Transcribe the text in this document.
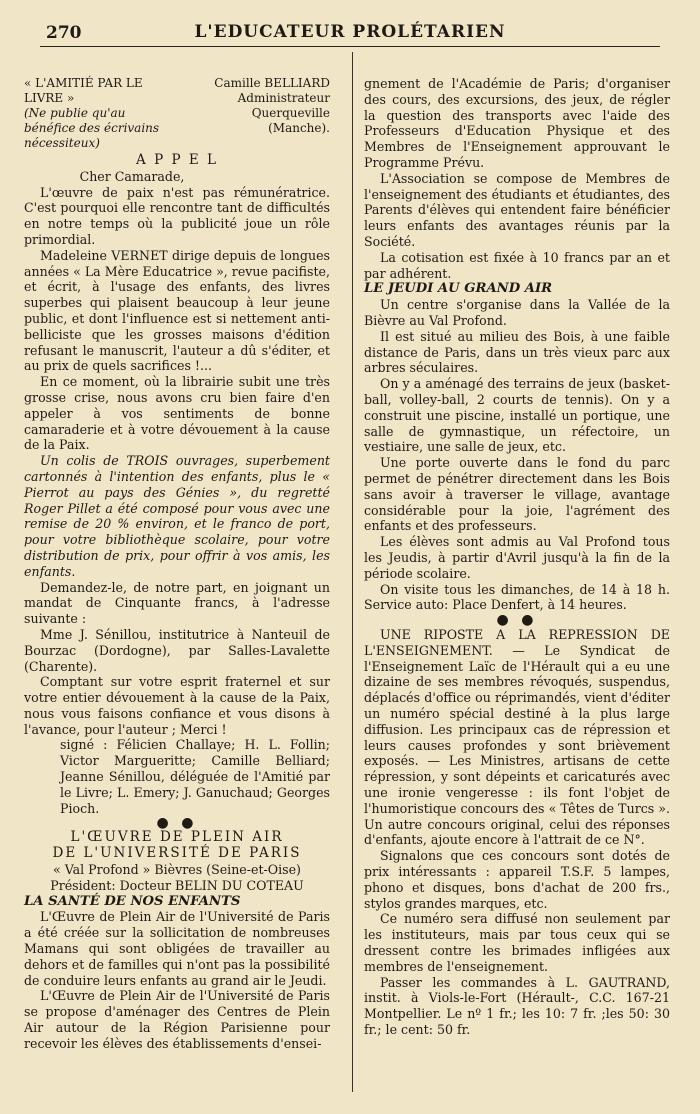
270	L'EDUCATEUR PROLÉTARIEN
« L'AMITIÉ PAR LE LIVRE »
(Ne publie qu'au bénéfice des écrivains nécessiteux)
Camille BELLIARD
Administrateur
Querqueville (Manche).

A P P E L

Cher Camarade,

L'œuvre de paix n'est pas rémunératrice. C'est pourquoi elle rencontre tant de difficultés en notre temps où la publicité joue un rôle primordial.

Madeleine VERNET dirige depuis de longues années « La Mère Educatrice », revue pacifiste, et écrit, à l'usage des enfants, des livres superbes qui plaisent beaucoup à leur jeune public, et dont l'influence est si nettement anti-belliciste que les grosses maisons d'édition refusant le manuscrit, l'auteur a dû s'éditer, et au prix de quels sacrifices !...

En ce moment, où la librairie subit une très grosse crise, nous avons cru bien faire d'en appeler à vos sentiments de bonne camaraderie et à votre dévouement à la cause de la Paix.

Un colis de TROIS ouvrages, superbement cartonnés à l'intention des enfants, plus le « Pierrot au pays des Génies », du regretté Roger Pillet a été composé pour vous avec une remise de 20 % environ, et le franco de port, pour votre bibliothèque scolaire, pour votre distribution de prix, pour offrir à vos amis, les enfants.

Demandez-le, de notre part, en joignant un mandat de Cinquante francs, à l'adresse suivante :

Mme J. Sénillou, institutrice à Nanteuil de Bourzac (Dordogne), par Salles-Lavalette (Charente).

Comptant sur votre esprit fraternel et sur votre entier dévouement à la cause de la Paix, nous vous faisons confiance et vous disons à l'avance, pour l'auteur ; Merci !

signé : Félicien Challaye; H. L. Follin; Victor Margueritte; Camille Belliard; Jeanne Sénillou, déléguée de l'Amitié par le Livre; L. Emery; J. Ganuchaud; Georges Pioch.

● ●

L'ŒUVRE DE PLEIN AIR

DE L'UNIVERSITÉ DE PARIS

« Val Profond » Bièvres (Seine-et-Oise)

Président: Docteur BELIN DU COTEAU

LA SANTÉ DE NOS ENFANTS

L'Œuvre de Plein Air de l'Université de Paris a été créée sur la sollicitation de nombreuses Mamans qui sont obligées de travailler au dehors et de familles qui n'ont pas la possibilité de conduire leurs enfants au grand air le Jeudi.

L'Œuvre de Plein Air de l'Université de Paris se propose d'aménager des Centres de Plein Air autour de la Région Parisienne pour recevoir les élèves des établissements d'ensei-

gnement de l'Académie de Paris; d'organiser des cours, des excursions, des jeux, de régler la question des transports avec l'aide des Professeurs d'Education Physique et des Membres de l'Enseignement approuvant le Programme Prévu.

L'Association se compose de Membres de l'enseignement des étudiants et étudiantes, des Parents d'élèves qui entendent faire bénéficier leurs enfants des avantages réunis par la Société.

La cotisation est fixée à 10 francs par an et par adhérent.

LE JEUDI AU GRAND AIR

Un centre s'organise dans la Vallée de la Bièvre au Val Profond.

Il est situé au milieu des Bois, à une faible distance de Paris, dans un très vieux parc aux arbres séculaires.

On y a aménagé des terrains de jeux (basket-ball, volley-ball, 2 courts de tennis). On y a construit une piscine, installé un portique, une salle de gymnastique, un réfectoire, un vestiaire, une salle de jeux, etc.

Une porte ouverte dans le fond du parc permet de pénétrer directement dans les Bois sans avoir à traverser le village, avantage considérable pour la joie, l'agrément des enfants et des professeurs.

Les élèves sont admis au Val Profond tous les Jeudis, à partir d'Avril jusqu'à la fin de la période scolaire.

On visite tous les dimanches, de 14 à 18 h. Service auto: Place Denfert, à 14 heures.

● ●

UNE RIPOSTE A LA REPRESSION DE L'ENSEIGNEMENT. — Le Syndicat de l'Enseignement Laïc de l'Hérault qui a eu une dizaine de ses membres révoqués, suspendus, déplacés d'office ou réprimandés, vient d'éditer un numéro spécial destiné à la plus large diffusion. Les principaux cas de répression et leurs causes profondes y sont brièvement exposés. — Les Ministres, artisans de cette répression, y sont dépeints et caricaturés avec une ironie vengeresse : ils font l'objet de l'humoristique concours des « Têtes de Turcs ». Un autre concours original, celui des réponses d'enfants, ajoute encore à l'attrait de ce N°.

Signalons que ces concours sont dotés de prix intéressants : appareil T.S.F. 5 lampes, phono et disques, bons d'achat de 200 frs., stylos grandes marques, etc.

Ce numéro sera diffusé non seulement par les instituteurs, mais par tous ceux qui se dressent contre les brimades infligées aux membres de l'enseignement.

Passer les commandes à L. GAUTRAND, instit. à Viols-le-Fort (Hérault-, C.C. 167-21 Montpellier. Le nº 1 fr.; les 10: 7 fr. ;les 50: 30 fr.; le cent: 50 fr.
